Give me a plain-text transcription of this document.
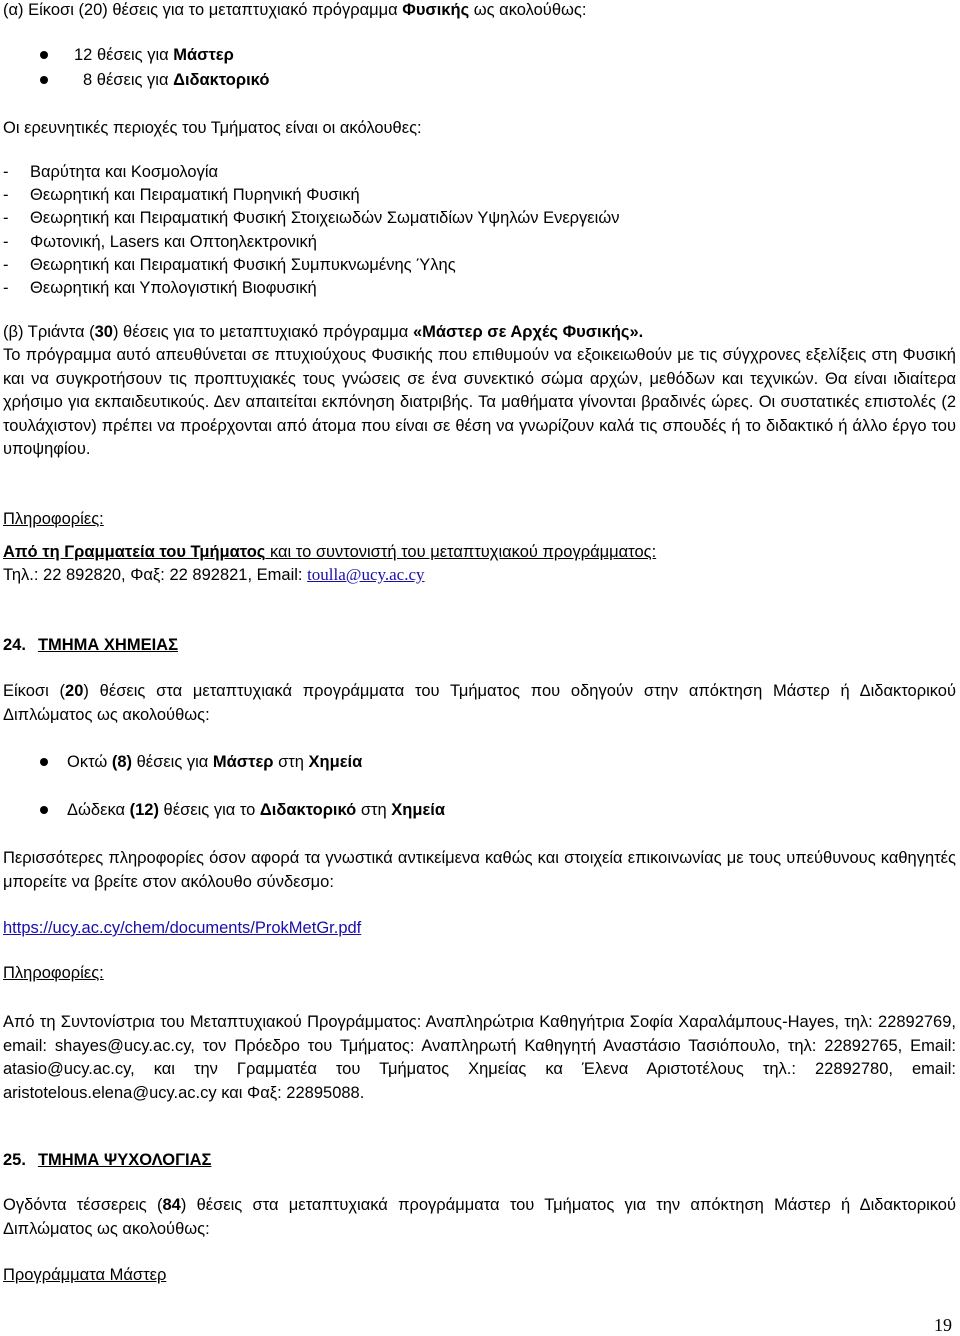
(α) Είκοσι (20) θέσεις για το μεταπτυχιακό πρόγραμμα Φυσικής ως ακολούθως:
12 θέσεις για Μάστερ
8 θέσεις για Διδακτορικό
Οι ερευνητικές περιοχές του Τμήματος είναι οι ακόλουθες:
- Βαρύτητα και Κοσμολογία
- Θεωρητική και Πειραματική Πυρηνική Φυσική
- Θεωρητική και Πειραματική Φυσική Στοιχειωδών Σωματιδίων Υψηλών Ενεργειών
- Φωτονική, Lasers και Οπτοηλεκτρονική
- Θεωρητική και Πειραματική Φυσική Συμπυκνωμένης Ύλης
- Θεωρητική και Υπολογιστική Βιοφυσική
(β) Τριάντα (30) θέσεις για το μεταπτυχιακό πρόγραμμα «Μάστερ σε Αρχές Φυσικής».
Το πρόγραμμα αυτό απευθύνεται σε πτυχιούχους Φυσικής που επιθυμούν να εξοικειωθούν με τις σύγχρονες εξελίξεις στη Φυσική και να συγκροτήσουν τις προπτυχιακές τους γνώσεις σε ένα συνεκτικό σώμα αρχών, μεθόδων και τεχνικών. Θα είναι ιδιαίτερα χρήσιμο για εκπαιδευτικούς. Δεν απαιτείται εκπόνηση διατριβής. Τα μαθήματα γίνονται βραδινές ώρες. Οι συστατικές επιστολές (2 τουλάχιστον) πρέπει να προέρχονται από άτομα που είναι σε θέση να γνωρίζουν καλά τις σπουδές ή το διδακτικό ή άλλο έργο του υποψηφίου.
Πληροφορίες:
Από τη Γραμματεία του Τμήματος και το συντονιστή του μεταπτυχιακού προγράμματος:
Τηλ.: 22 892820, Φαξ: 22 892821, Email: toulla@ucy.ac.cy
24. ΤΜΗΜΑ ΧΗΜΕΙΑΣ
Είκοσι (20) θέσεις στα μεταπτυχιακά προγράμματα του Τμήματος που οδηγούν στην απόκτηση Μάστερ ή Διδακτορικού Διπλώματος ως ακολούθως:
Οκτώ (8) θέσεις για Μάστερ στη Χημεία
Δώδεκα (12) θέσεις για το Διδακτορικό στη Χημεία
Περισσότερες πληροφορίες όσον αφορά τα γνωστικά αντικείμενα καθώς και στοιχεία επικοινωνίας με τους υπεύθυνους καθηγητές μπορείτε να βρείτε στον ακόλουθο σύνδεσμο:
https://ucy.ac.cy/chem/documents/ProkMetGr.pdf
Πληροφορίες:
Από τη Συντονίστρια του Μεταπτυχιακού Προγράμματος: Αναπληρώτρια Καθηγήτρια Σοφία Χαραλάμπους-Hayes, τηλ: 22892769, email: shayes@ucy.ac.cy, τον Πρόεδρο του Τμήματος: Αναπληρωτή Καθηγητή Αναστάσιο Τασιόπουλο, τηλ: 22892765, Email: atasio@ucy.ac.cy, και την Γραμματέα του Τμήματος Χημείας κα Έλενα Αριστοτέλους τηλ.: 22892780, email: aristotelous.elena@ucy.ac.cy και Φαξ: 22895088.
25. ΤΜΗΜΑ ΨΥΧΟΛΟΓΙΑΣ
Ογδόντα τέσσερεις (84) θέσεις στα μεταπτυχιακά προγράμματα του Τμήματος για την απόκτηση Μάστερ ή Διδακτορικού Διπλώματος ως ακολούθως:
Προγράμματα Μάστερ
19
